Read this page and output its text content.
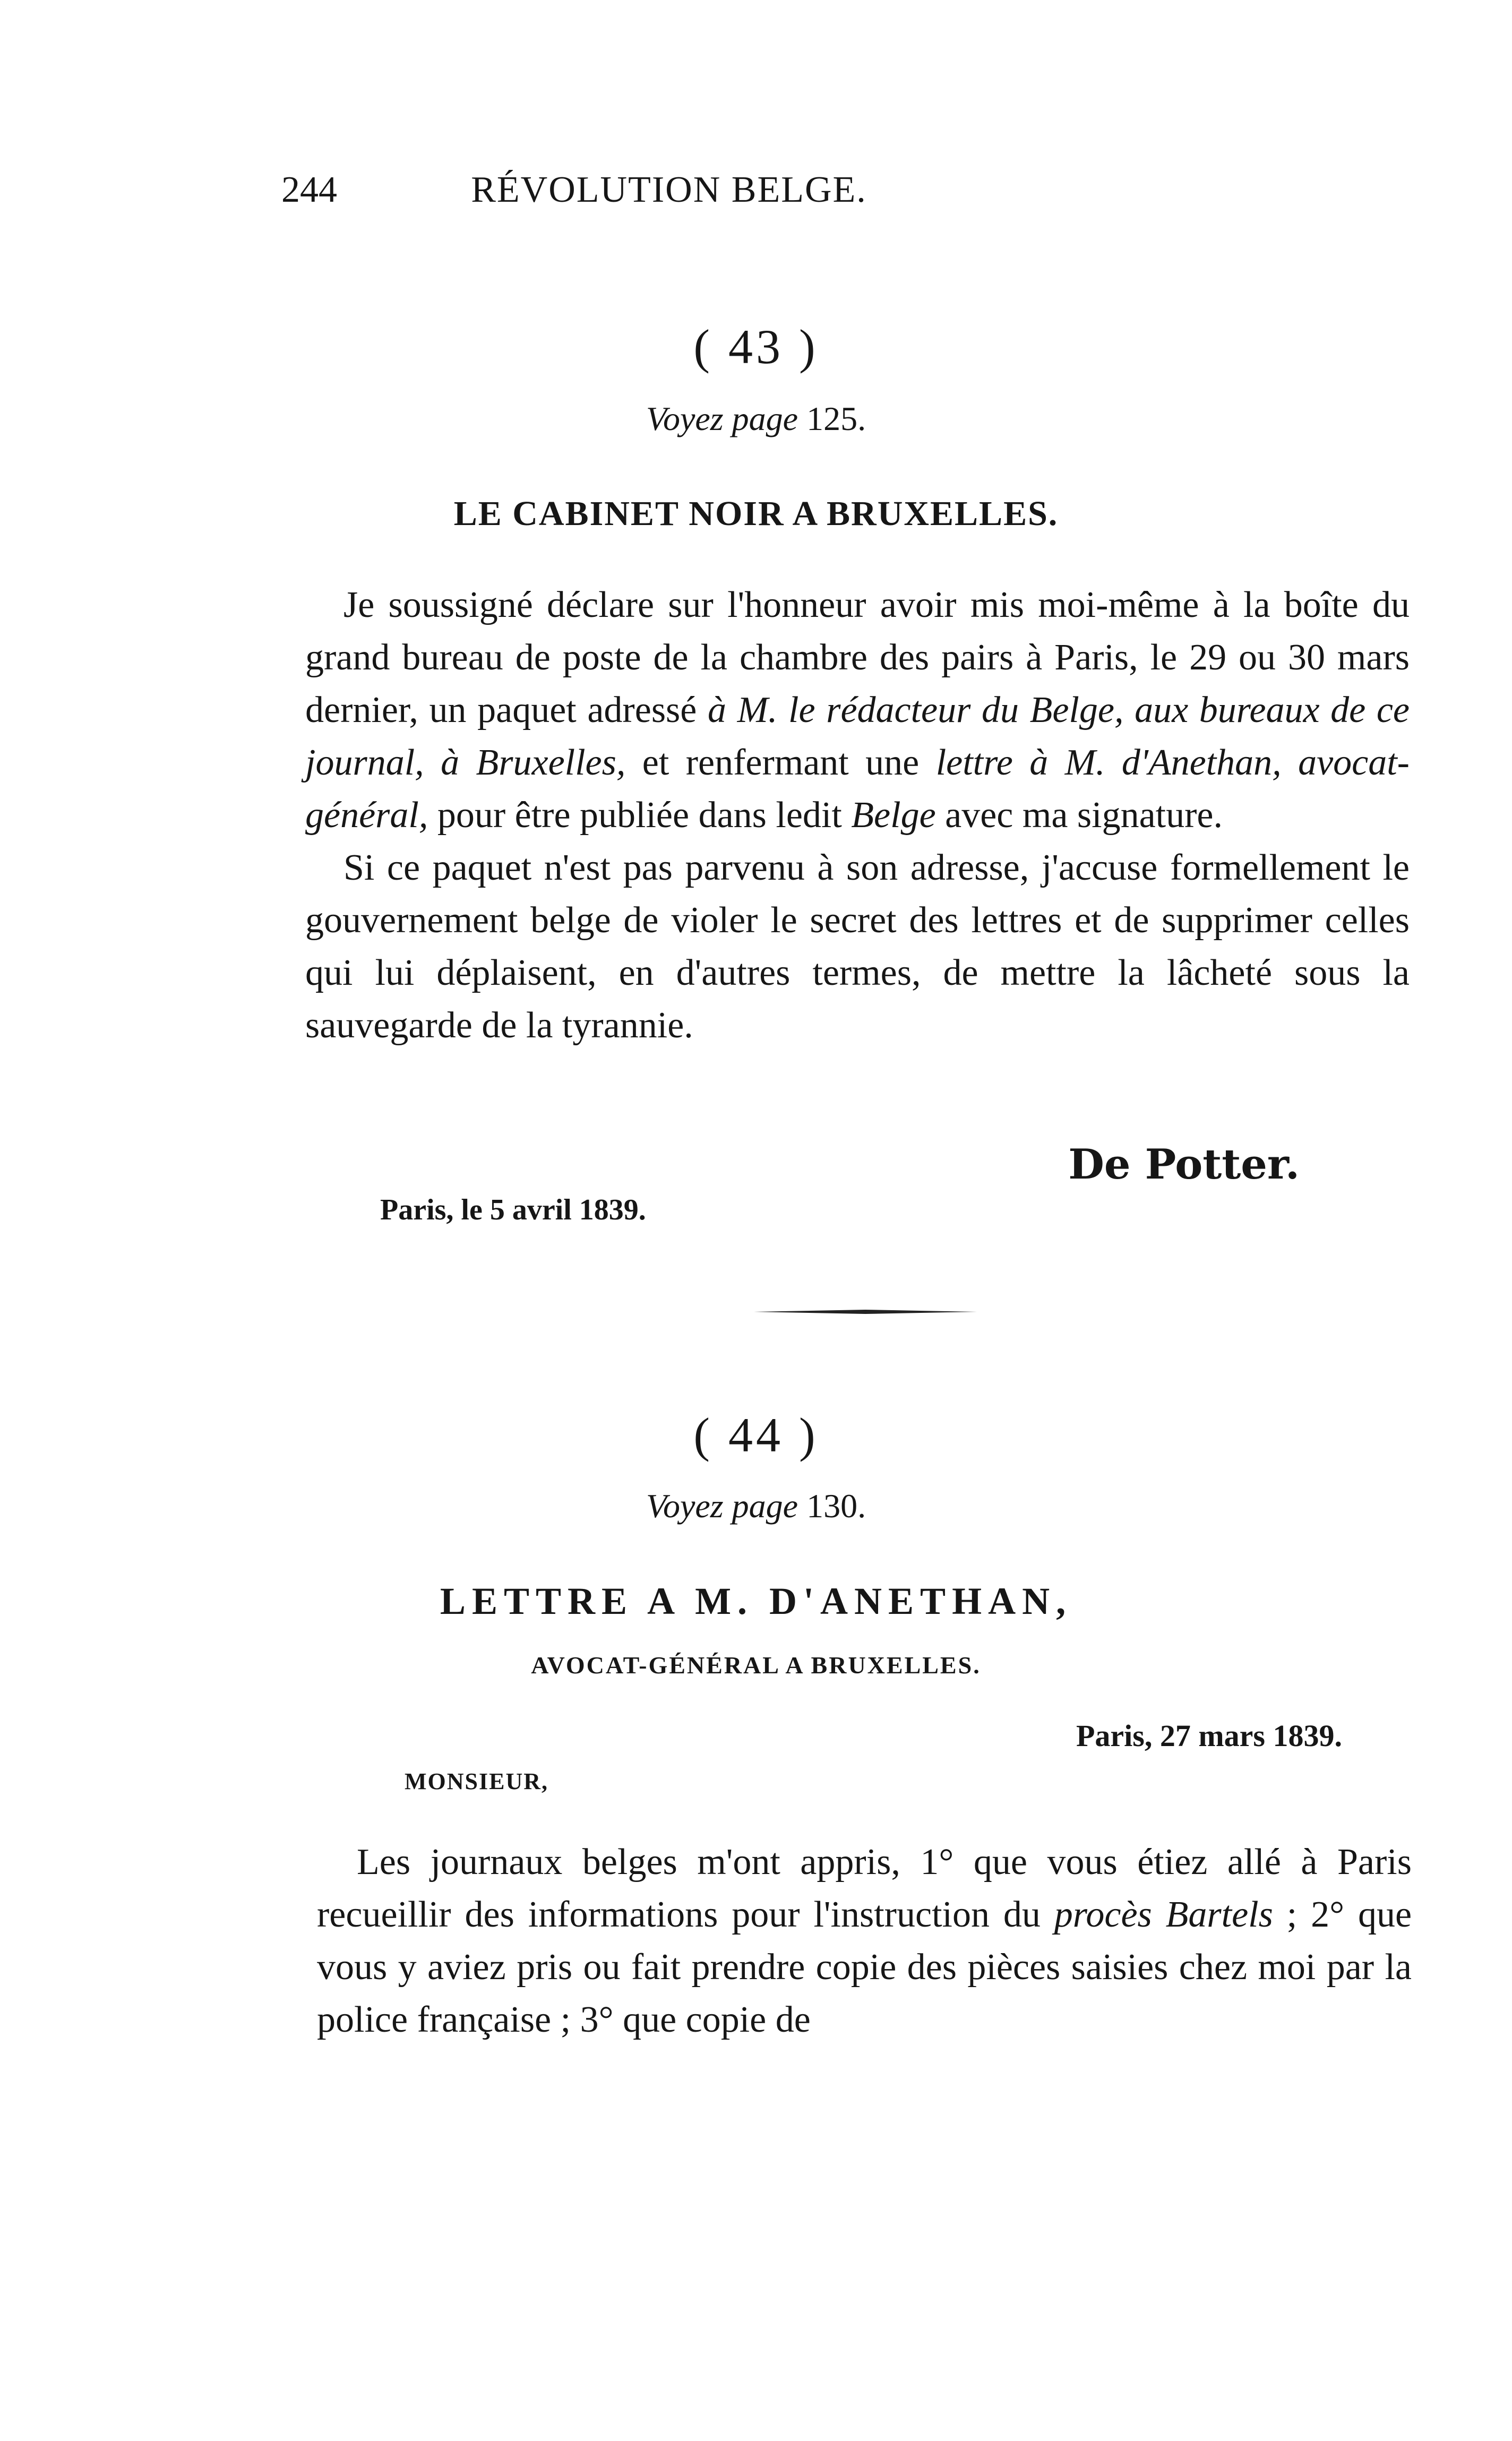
244	RÉVOLUTION BELGE.
( 43 )
Voyez page 125.
LE CABINET NOIR A BRUXELLES.

Je soussigné déclare sur l'honneur avoir mis moi-même à la boîte du grand bureau de poste de la chambre des pairs à Paris, le 29 ou 30 mars dernier, un paquet adressé à M. le rédacteur du Belge, aux bureaux de ce journal, à Bruxelles, et renfermant une lettre à M. d'Anethan, avocat-général, pour être publiée dans ledit Belge avec ma signature.

Si ce paquet n'est pas parvenu à son adresse, j'accuse formellement le gouvernement belge de violer le secret des lettres et de supprimer celles qui lui déplaisent, en d'autres termes, de mettre la lâcheté sous la sauvegarde de la tyrannie.

De Potter.
Paris, le 5 avril 1839.
( 44 )
Voyez page 130.
LETTRE A M. D'ANETHAN,
AVOCAT-GÉNÉRAL A BRUXELLES.
Paris, 27 mars 1839.
MONSIEUR,

Les journaux belges m'ont appris, 1° que vous étiez allé à Paris recueillir des informations pour l'instruction du procès Bartels ; 2° que vous y aviez pris ou fait prendre copie des pièces saisies chez moi par la police française ; 3° que copie de
